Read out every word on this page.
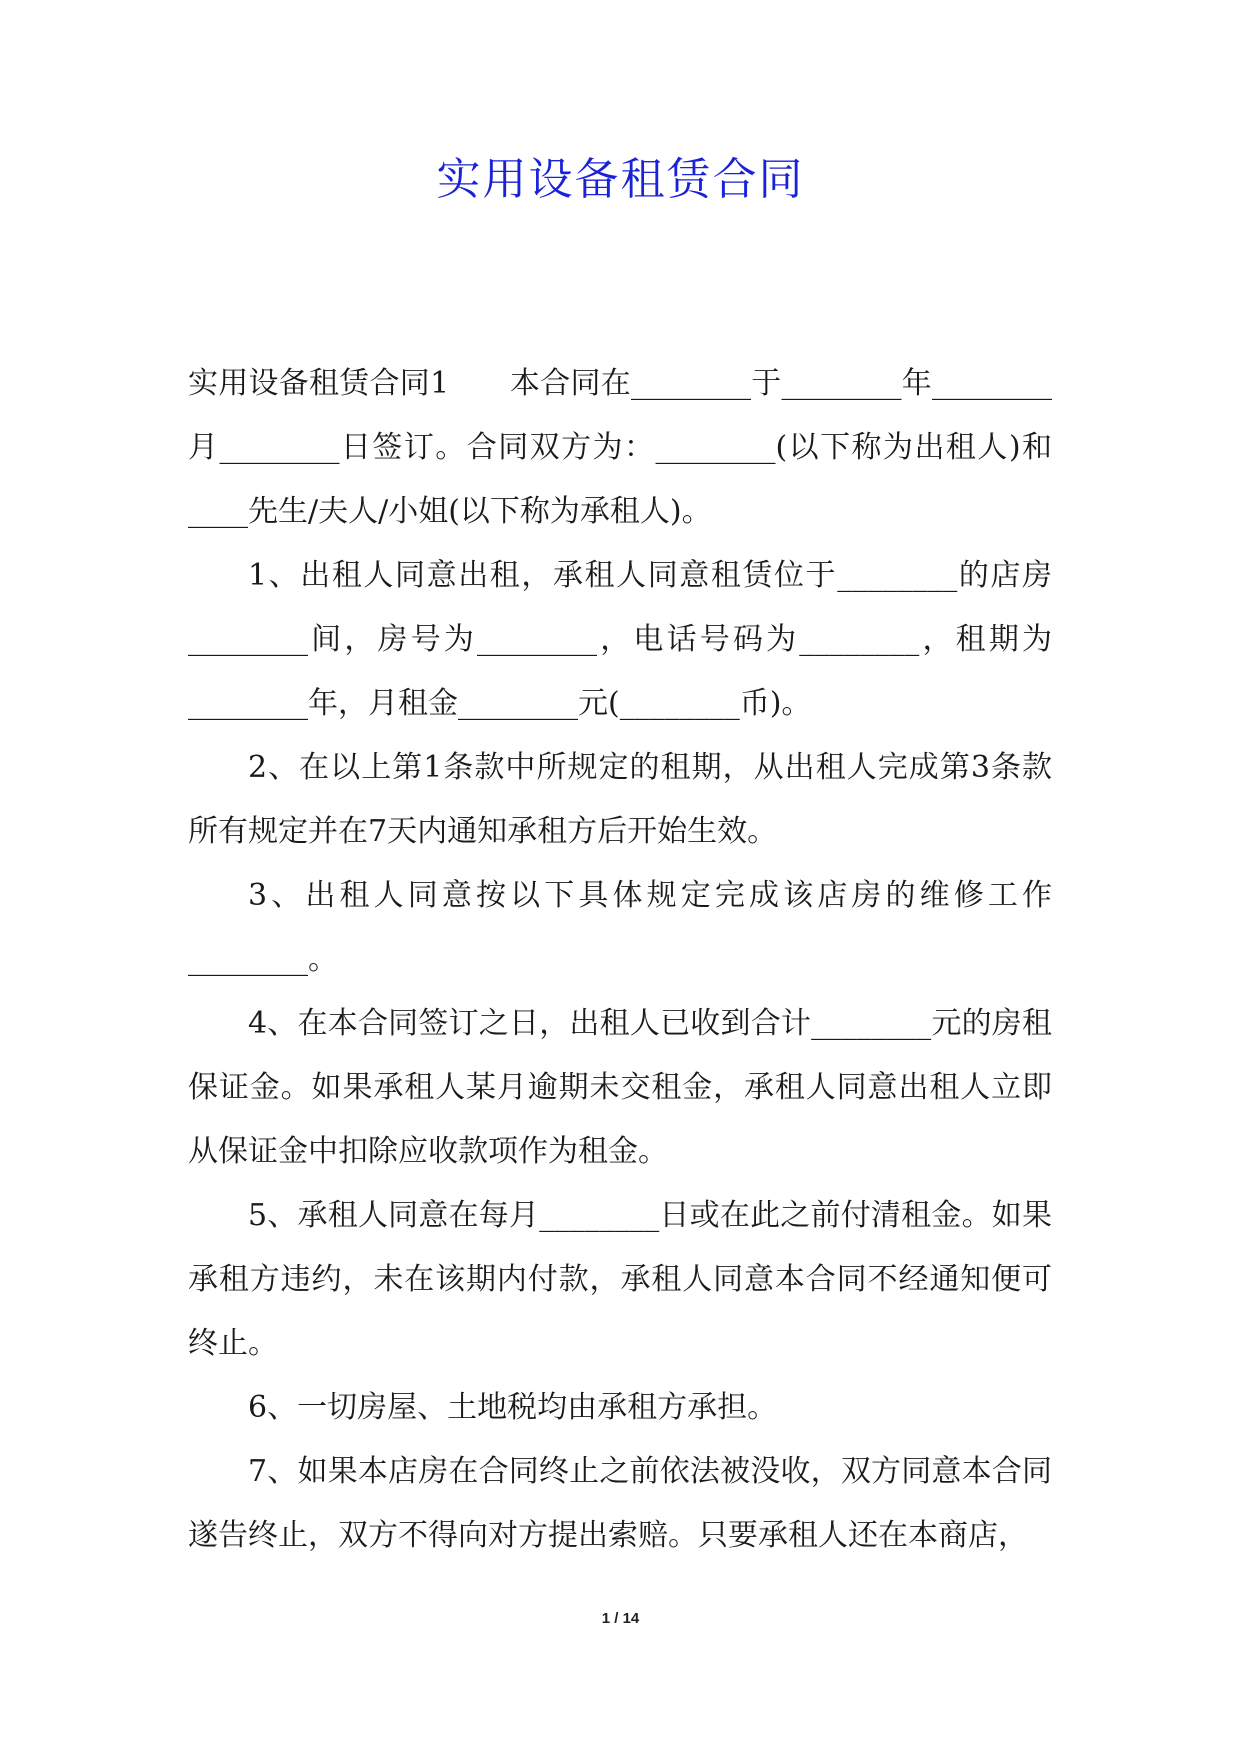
实用设备租赁合同

实用设备租赁合同1　　本合同在________于________年________月________日签订。合同双方为：________(以下称为出租人)和____先生/夫人/小姐(以下称为承租人)。

1、出租人同意出租，承租人同意租赁位于________的店房________间，房号为________，电话号码为________，租期为________年，月租金________元(________币)。

2、在以上第1条款中所规定的租期，从出租人完成第3条款所有规定并在7天内通知承租方后开始生效。

3、出租人同意按以下具体规定完成该店房的维修工作________。

4、在本合同签订之日，出租人已收到合计________元的房租保证金。如果承租人某月逾期未交租金，承租人同意出租人立即从保证金中扣除应收款项作为租金。

5、承租人同意在每月________日或在此之前付清租金。如果承租方违约，未在该期内付款，承租人同意本合同不经通知便可终止。

6、一切房屋、土地税均由承租方承担。

7、如果本店房在合同终止之前依法被没收，双方同意本合同遂告终止，双方不得向对方提出索赔。只要承租人还在本商店，

1 / 14
